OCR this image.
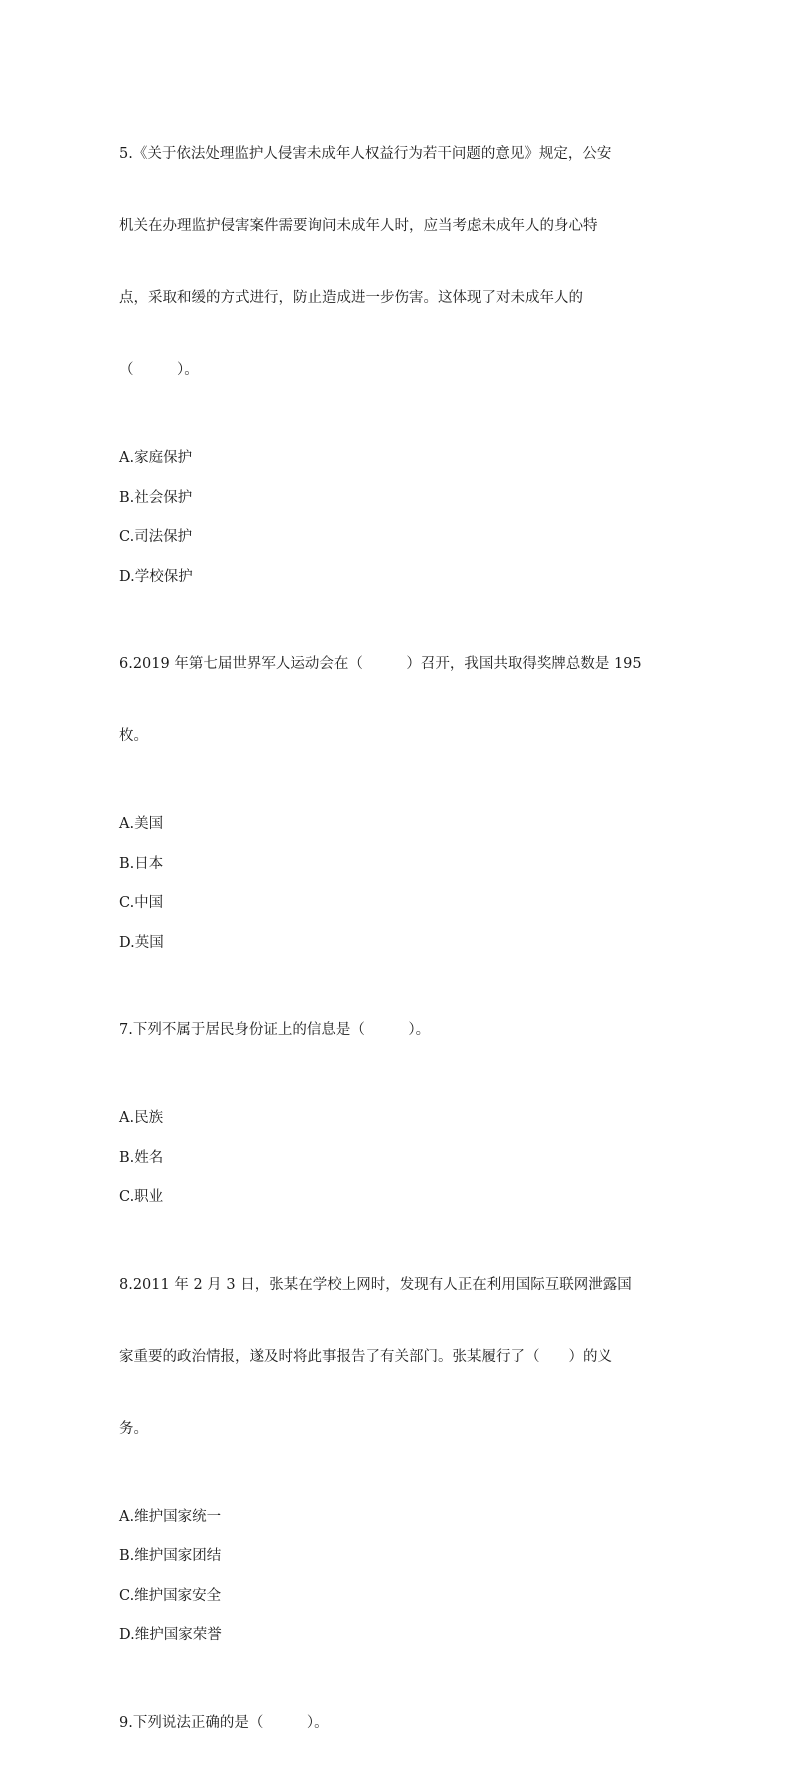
5.《关于依法处理监护人侵害未成年人权益行为若干问题的意见》规定，公安

机关在办理监护侵害案件需要询问未成年人时，应当考虑未成年人的身心特

点，采取和缓的方式进行，防止造成进一步伤害。这体现了对未成年人的

（　　　）。

A.家庭保护

B.社会保护

C.司法保护

D.学校保护

6.2019 年第七届世界军人运动会在（　　　）召开，我国共取得奖牌总数是 195

枚。

A.美国

B.日本

C.中国

D.英国

7.下列不属于居民身份证上的信息是（　　　）。

A.民族

B.姓名

C.职业

8.2011 年 2 月 3 日，张某在学校上网时，发现有人正在利用国际互联网泄露国

家重要的政治情报，遂及时将此事报告了有关部门。张某履行了（　　）的义

务。

A.维护国家统一

B.维护国家团结

C.维护国家安全

D.维护国家荣誉

9.下列说法正确的是（　　　）。
